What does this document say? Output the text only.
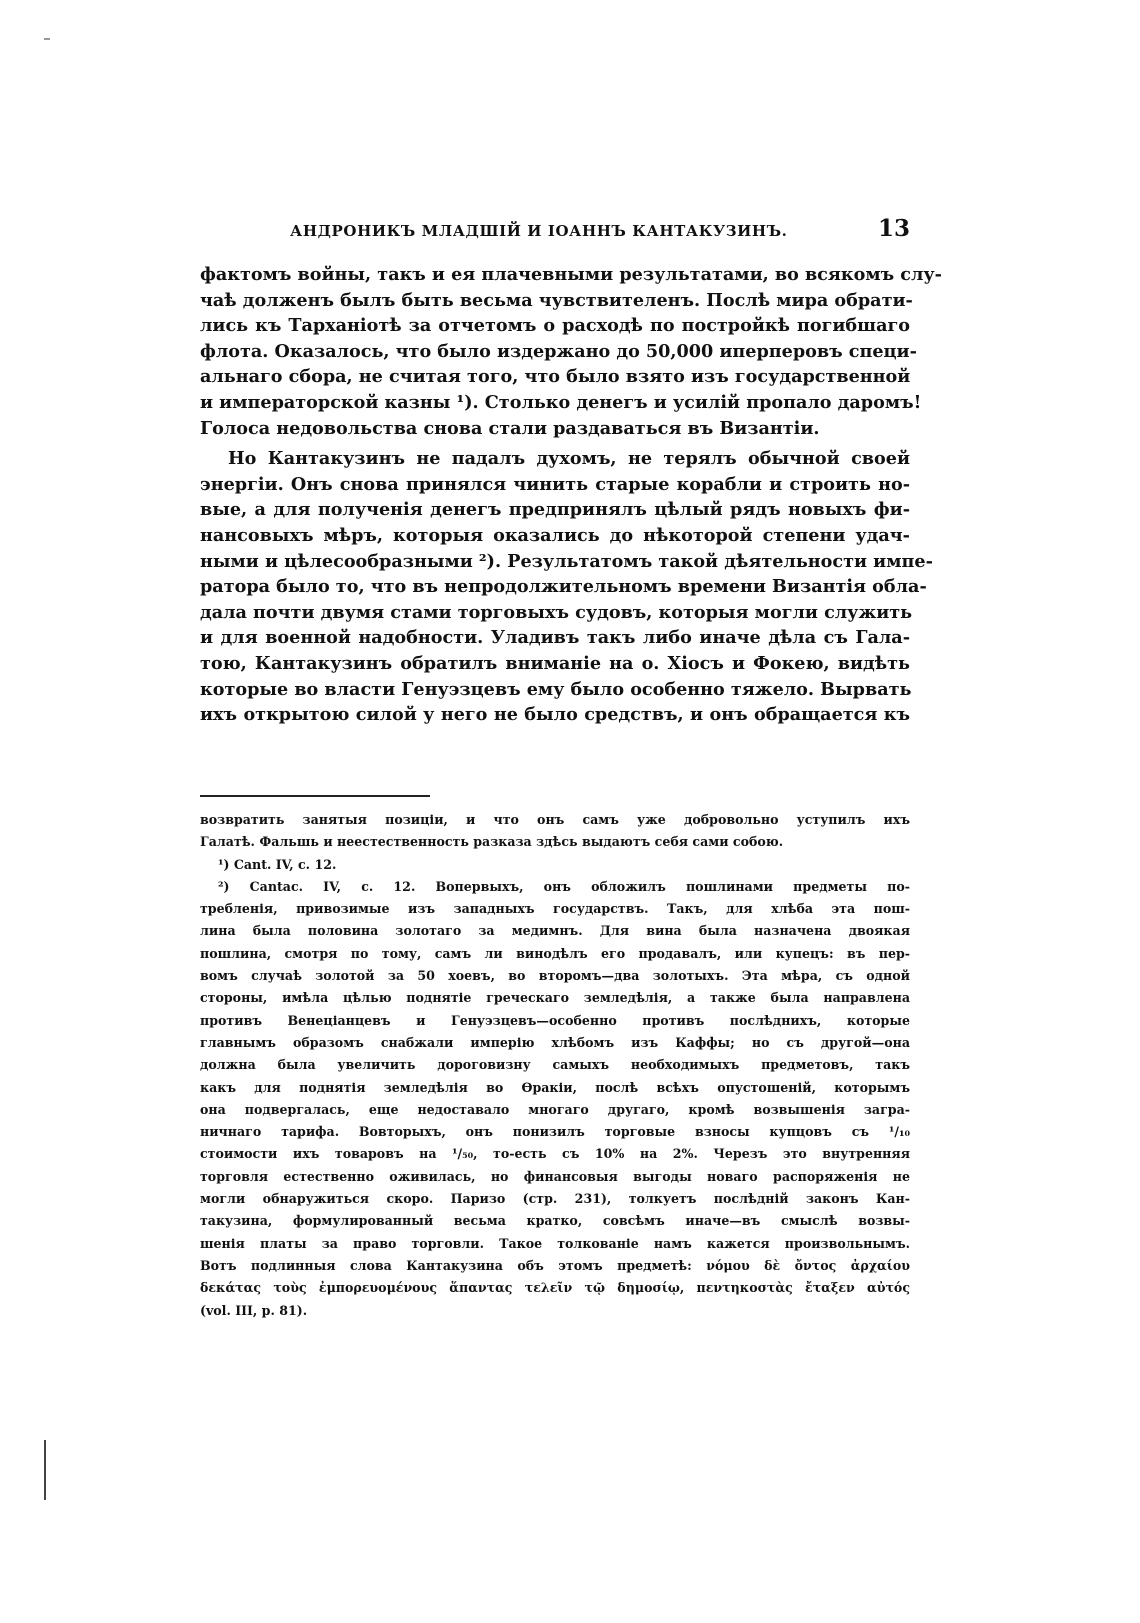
АНДРОНИКЪ МЛАДШІЙ И ІОАННЪ КАНТАКУЗИНЪ.	13
фактомъ войны, такъ и ея плачевными результатами, во всякомъ слу-
чаѣ долженъ былъ быть весьма чувствителенъ. Послѣ мира обрати-
лись къ Тарханіотѣ за отчетомъ о расходѣ по постройкѣ погибшаго
флота. Оказалось, что было издержано до 50,000 иперперовъ специ-
альнаго сбора, не считая того, что было взято изъ государственной
и императорской казны ¹). Столько денегъ и усилій пропало даромъ!
Голоса недовольства снова стали раздаваться въ Византіи.
Но Кантакузинъ не падалъ духомъ, не терялъ обычной своей
энергіи. Онъ снова принялся чинить старые корабли и строить но-
вые, а для полученія денегъ предпринялъ цѣлый рядъ новыхъ фи-
нансовыхъ мѣръ, которыя оказались до нѣкоторой степени удач-
ными и цѣлесообразными ²). Результатомъ такой дѣятельности импе-
ратора было то, что въ непродолжительномъ времени Византія обла-
дала почти двумя стами торговыхъ судовъ, которыя могли служить
и для военной надобности. Уладивъ такъ либо иначе дѣла съ Гала-
тою, Кантакузинъ обратилъ вниманіе на о. Хіосъ и Фокею, видѣть
которые во власти Генуэзцевъ ему было особенно тяжело. Вырвать
ихъ открытою силой у него не было средствъ, и онъ обращается къ
возвратить занятыя позиціи, и что онъ самъ уже добровольно уступилъ ихъ
Галатѣ. Фальшь и неестественность разказа здѣсь выдаютъ себя сами собою.
¹) Cant. IV, c. 12.
²) Cantac. IV, c. 12. Вопервыхъ, онъ обложилъ пошлинами предметы по-
требленія, привозимые изъ западныхъ государствъ. Такъ, для хлѣба эта пош-
лина была половина золотаго за медимнъ. Для вина была назначена двоякая
пошлина, смотря по тому, самъ ли винодѣлъ его продавалъ, или купецъ: въ пер-
вомъ случаѣ золотой за 50 хоевъ, во второмъ—два золотыхъ. Эта мѣра, съ одной
стороны, имѣла цѣлью поднятіе греческаго земледѣлія, а также была направлена
противъ Венеціанцевъ и Генуэзцевъ—особенно противъ послѣднихъ, которые
главнымъ образомъ снабжали имперію хлѣбомъ изъ Каффы; но съ другой—она
должна была увеличить дороговизну самыхъ необходимыхъ предметовъ, такъ
какъ для поднятія земледѣлія во Ѳракіи, послѣ всѣхъ опустошеній, которымъ
она подвергалась, еще недоставало многаго другаго, кромѣ возвышенія загра-
ничнаго тарифа. Вовторыхъ, онъ понизилъ торговые взносы купцовъ съ ¹/₁₀
стоимости ихъ товаровъ на ¹/₅₀, то-есть съ 10% на 2%. Черезъ это внутренняя
торговля естественно оживилась, но финансовыя выгоды новаго распоряженія не
могли обнаружиться скоро. Паризо (стр. 231), толкуетъ послѣдній законъ Кан-
такузина, формулированный весьма кратко, совсѣмъ иначе—въ смыслѣ возвы-
шенія платы за право торговли. Такое толкованіе намъ кажется произвольнымъ.
Вотъ подлинныя слова Кантакузина объ этомъ предметѣ: νόμου δὲ ὄντος ἀρχαίου
δεκάτας τοὺς ἐμπορευομένους ἅπαντας τελεῖν τῷ δημοσίῳ, πεντηκοστὰς ἔταξεν αὐτός
(vol. III, p. 81).
